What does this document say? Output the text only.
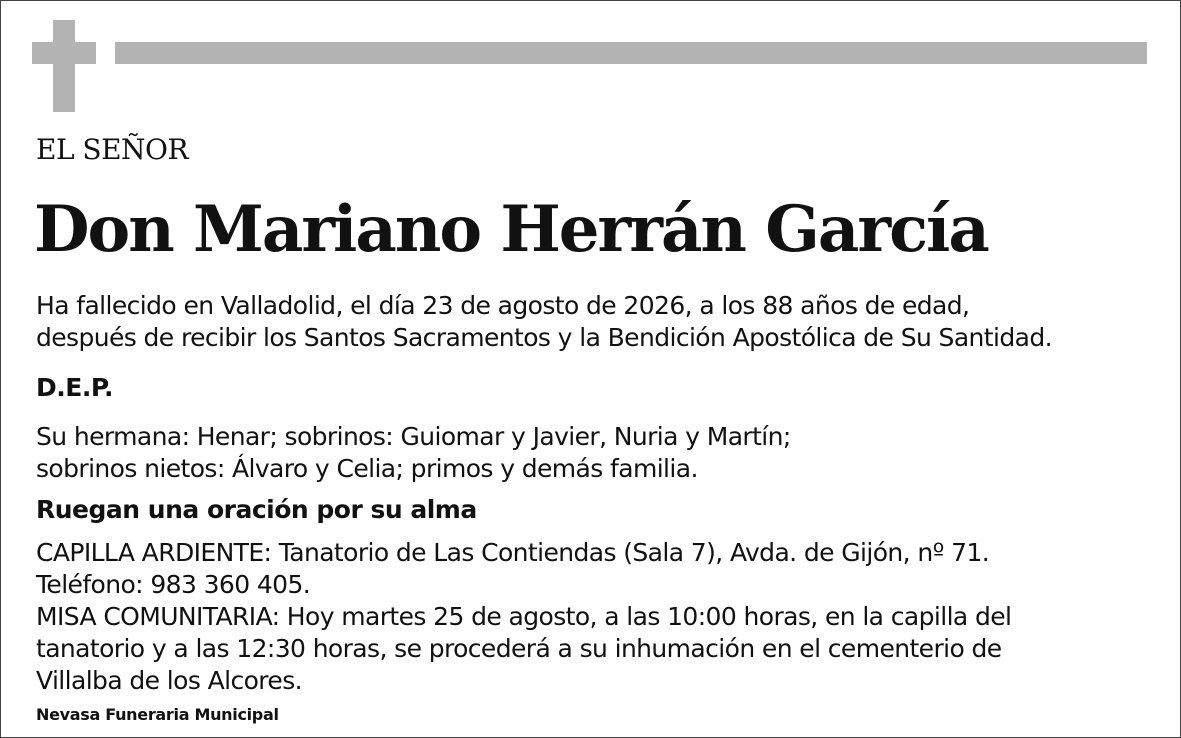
EL SEÑOR
Don Mariano Herrán García
Ha fallecido en Valladolid, el día 23 de agosto de 2026, a los 88 años de edad,
después de recibir los Santos Sacramentos y la Bendición Apostólica de Su Santidad.
D.E.P.
Su hermana: Henar; sobrinos: Guiomar y Javier, Nuria y Martín;
sobrinos nietos: Álvaro y Celia; primos y demás familia.
Ruegan una oración por su alma
CAPILLA ARDIENTE: Tanatorio de Las Contiendas (Sala 7), Avda. de Gijón, nº 71.
Teléfono: 983 360 405.
MISA COMUNITARIA: Hoy martes 25 de agosto, a las 10:00 horas, en la capilla del
tanatorio y a las 12:30 horas, se procederá a su inhumación en el cementerio de
Villalba de los Alcores.
Nevasa Funeraria Municipal
